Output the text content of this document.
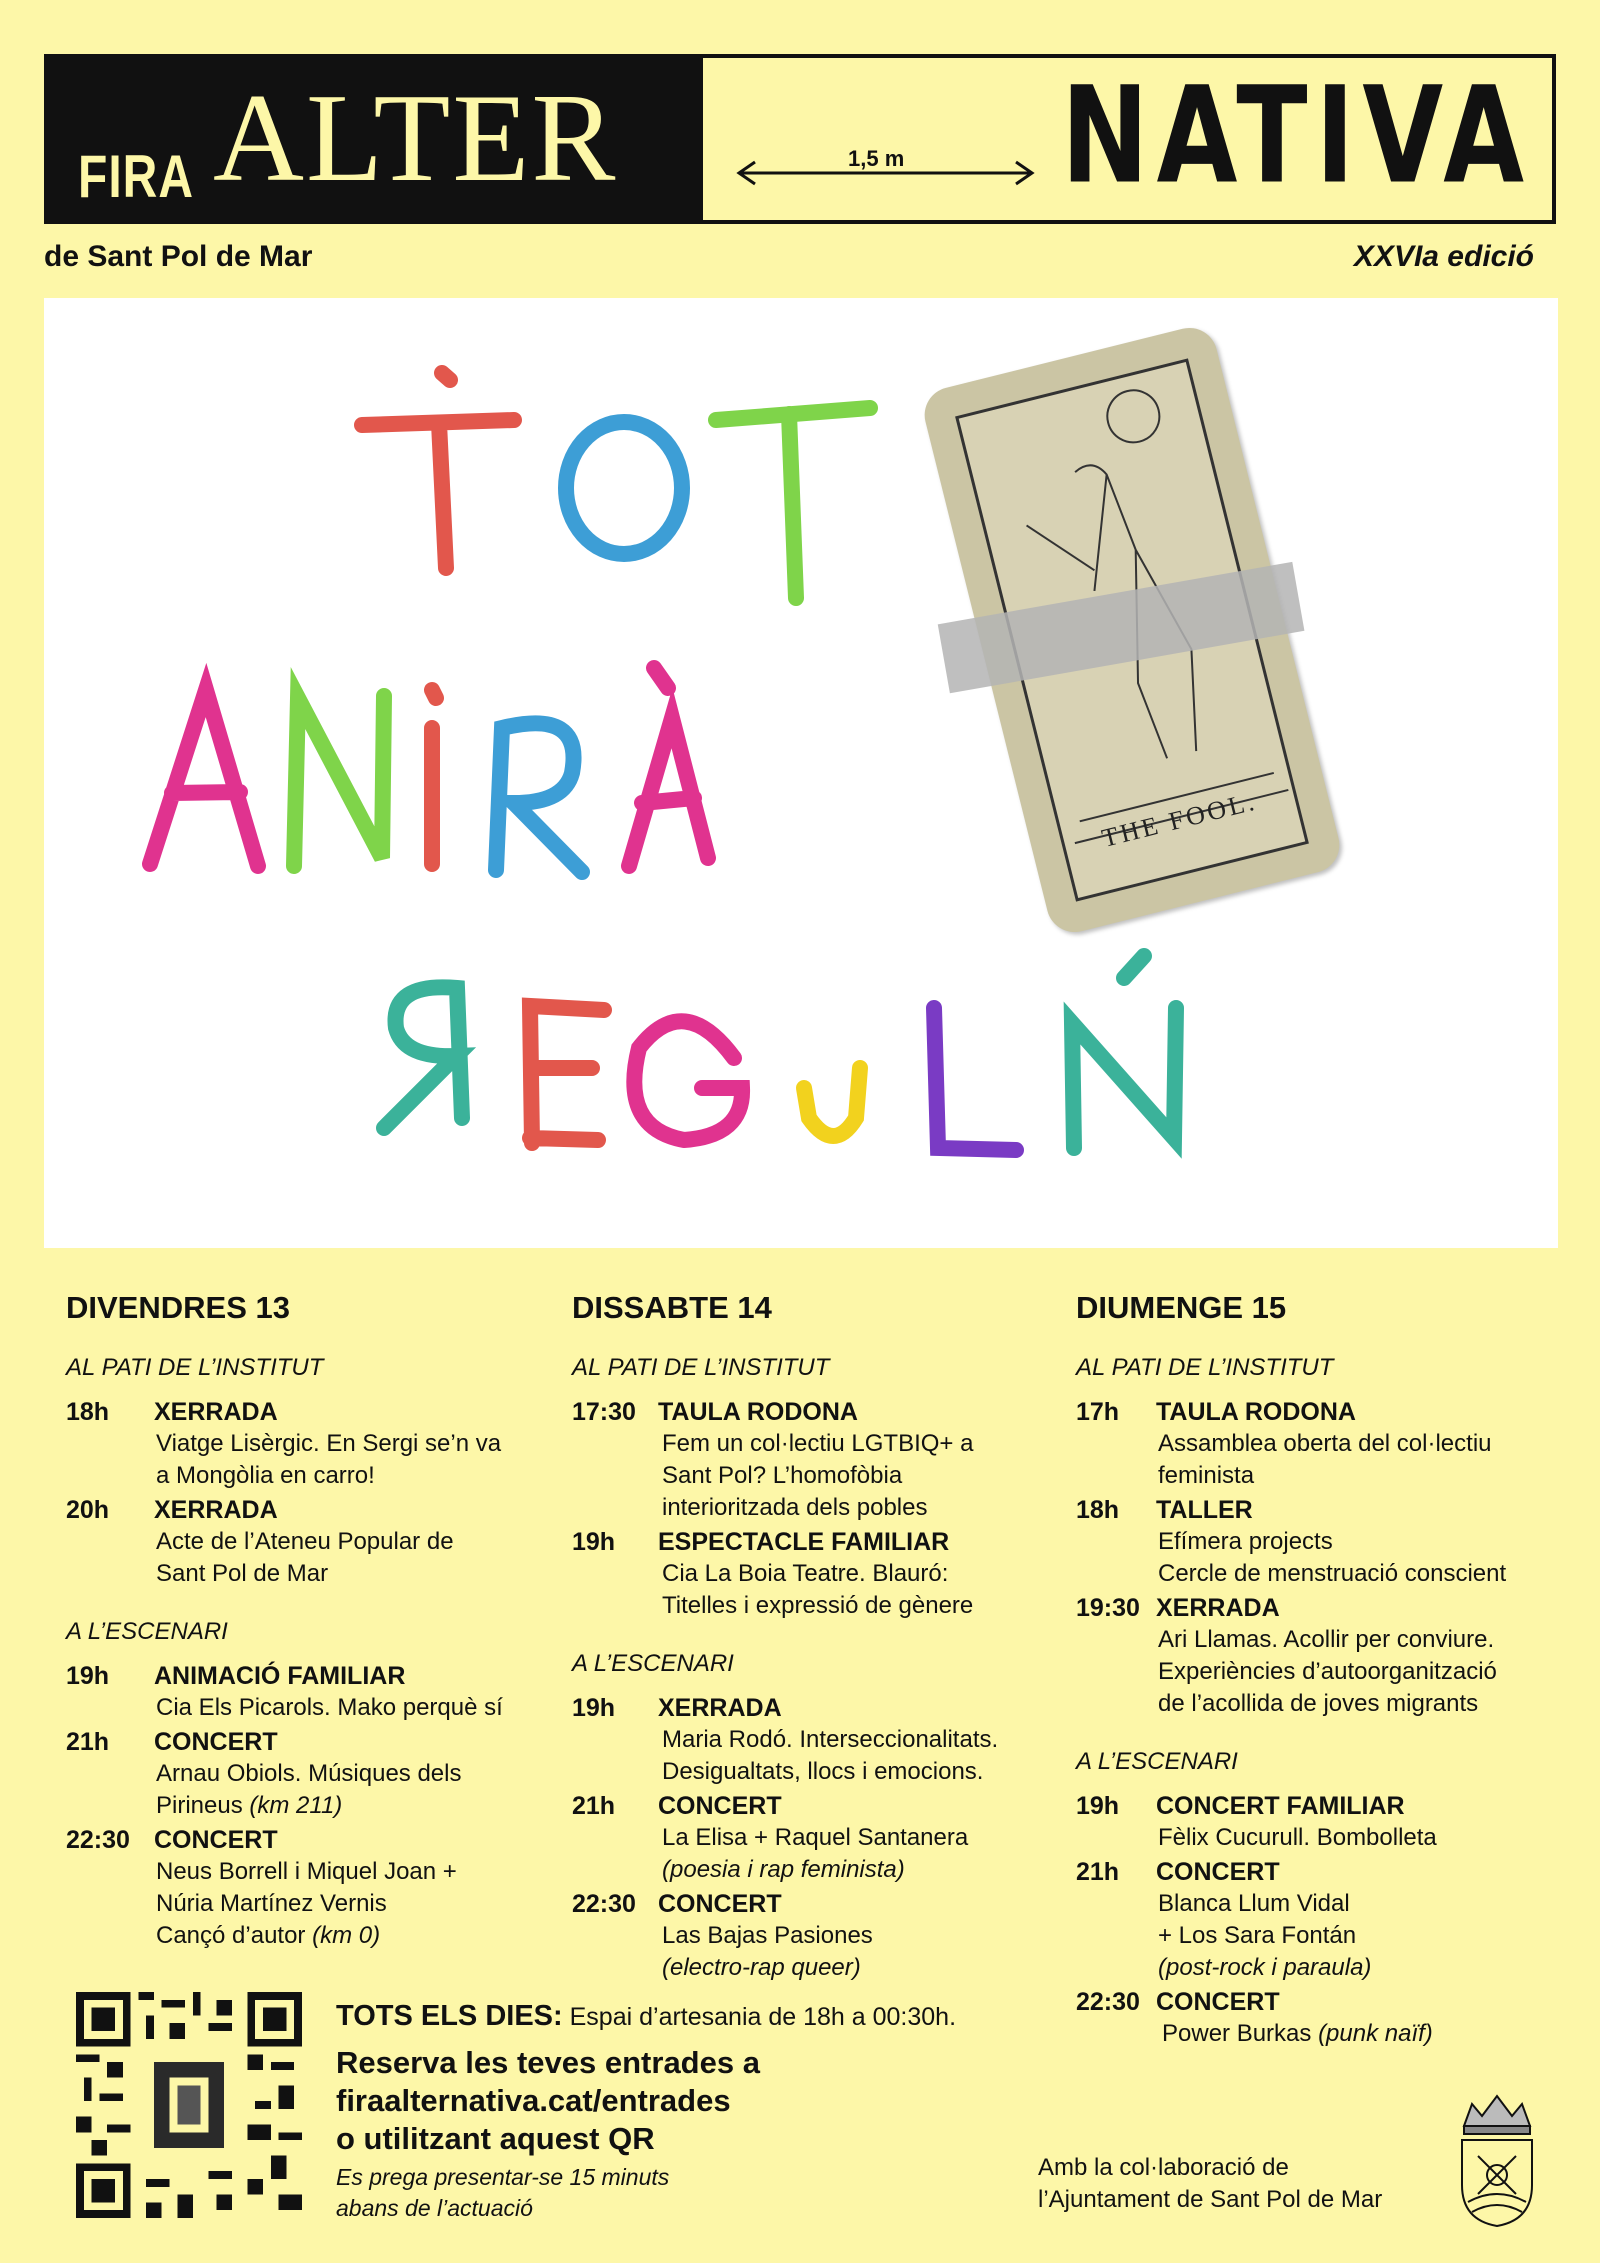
FIRA ALTER	1,5 m NATIVA
de Sant Pol de Mar	XXVIa edició
THE FOOL.
DIVENDRES 13
AL PATI DE L’INSTITUT
18h	XERRADA
Viatge Lisèrgic. En Sergi se’n va
a Mongòlia en carro!
20h	XERRADA
Acte de l’Ateneu Popular de
Sant Pol de Mar
A L’ESCENARI
19h	ANIMACIÓ FAMILIAR
Cia Els Picarols. Mako perquè sí
21h	CONCERT
Arnau Obiols. Músiques dels
Pirineus (km 211)
22:30 CONCERT
Neus Borrell i Miquel Joan +
Núria Martínez Vernis
Cançó d’autor (km 0)
DISSABTE 14
AL PATI DE L’INSTITUT
17:30 TAULA RODONA
Fem un col·lectiu LGTBIQ+ a
Sant Pol? L’homofòbia
interioritzada dels pobles
19h	ESPECTACLE FAMILIAR
Cia La Boia Teatre. Blauró:
Titelles i expressió de gènere
A L’ESCENARI
19h	XERRADA
Maria Rodó. Interseccionalitats.
Desigualtats, llocs i emocions.
21h	CONCERT
La Elisa + Raquel Santanera
(poesia i rap feminista)
22:30 CONCERT
Las Bajas Pasiones
(electro-rap queer)
DIUMENGE 15
AL PATI DE L’INSTITUT
17h	TAULA RODONA
Assamblea oberta del col·lectiu
feminista
18h	TALLER
Efímera projects
Cercle de menstruació conscient
19:30 XERRADA
Ari Llamas. Acollir per conviure.
Experiències d’autoorganització
de l’acollida de joves migrants
A L’ESCENARI
19h	CONCERT FAMILIAR
Fèlix Cucurull. Bombolleta
21h	CONCERT
Blanca Llum Vidal
+ Los Sara Fontán
(post-rock i paraula)
22:30 CONCERT
Power Burkas (punk naïf)
TOTS ELS DIES: Espai d’artesania de 18h a 00:30h.
Reserva les teves entrades a
firaalternativa.cat/entrades
o utilitzant aquest QR
Es prega presentar-se 15 minuts
abans de l’actuació
Amb la col·laboració de
l’Ajuntament de Sant Pol de Mar
